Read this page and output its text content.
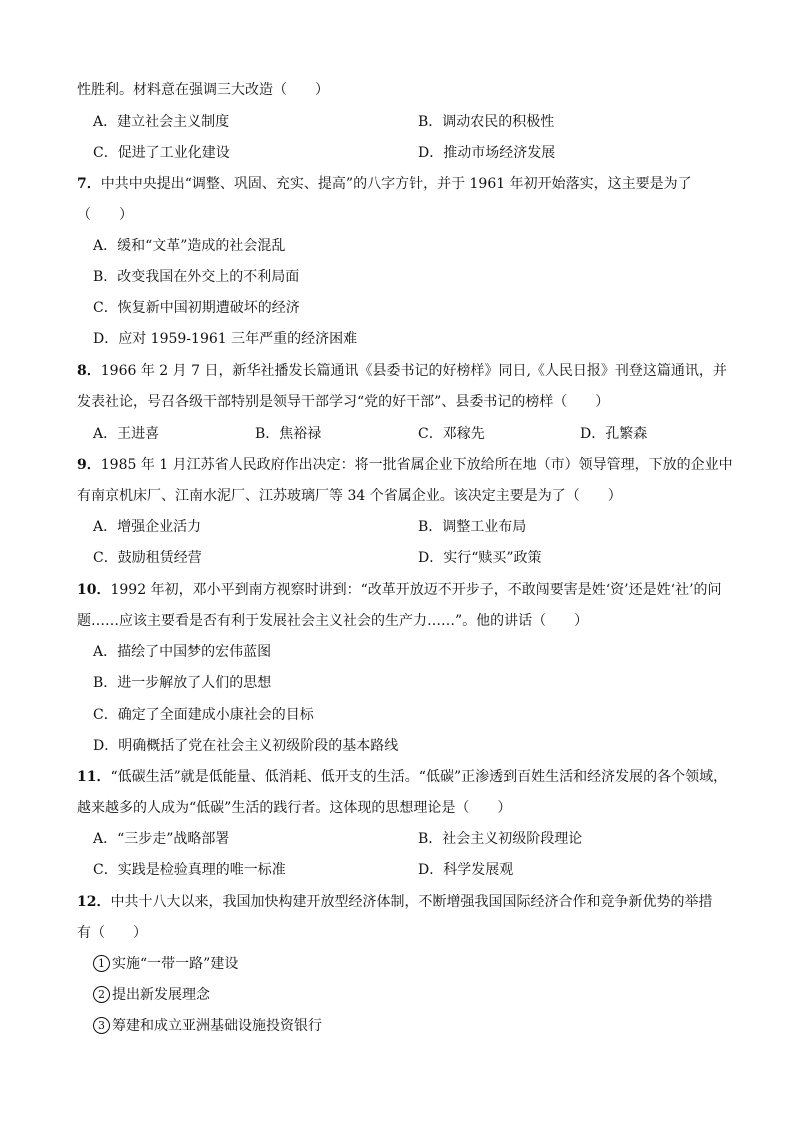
性胜利。材料意在强调三大改造（　　）
A．建立社会主义制度	B．调动农民的积极性
C．促进了工业化建设	D．推动市场经济发展
7．中共中央提出“调整、巩固、充实、提高”的八字方针，并于 1961 年初开始落实，这主要是为了
（　　）
A．缓和“文革”造成的社会混乱
B．改变我国在外交上的不利局面
C．恢复新中国初期遭破坏的经济
D．应对 1959-1961 三年严重的经济困难
8．1966 年 2 月 7 日，新华社播发长篇通讯《县委书记的好榜样》同日,《人民日报》刊登这篇通讯，并
发表社论，号召各级干部特别是领导干部学习“党的好干部”、县委书记的榜样（　　）
A．王进喜	B．焦裕禄	C．邓稼先	D．孔繁森
9．1985 年 1 月江苏省人民政府作出决定：将一批省属企业下放给所在地（市）领导管理，下放的企业中
有南京机床厂、江南水泥厂、江苏玻璃厂等 34 个省属企业。该决定主要是为了（　　）
A．增强企业活力	B．调整工业布局
C．鼓励租赁经营	D．实行“赎买”政策
10．1992 年初，邓小平到南方视察时讲到：“改革开放迈不开步子，不敢闯要害是姓‘资’还是姓‘社’的问
题……应该主要看是否有利于发展社会主义社会的生产力……”。他的讲话（　　）
A．描绘了中国梦的宏伟蓝图
B．进一步解放了人们的思想
C．确定了全面建成小康社会的目标
D．明确概括了党在社会主义初级阶段的基本路线
11．“低碳生活”就是低能量、低消耗、低开支的生活。“低碳”正渗透到百姓生活和经济发展的各个领域，
越来越多的人成为“低碳”生活的践行者。这体现的思想理论是（　　）
A．“三步走”战略部署	B．社会主义初级阶段理论
C．实践是检验真理的唯一标准	D．科学发展观
12．中共十八大以来，我国加快构建开放型经济体制，不断增强我国国际经济合作和竞争新优势的举措
有（　　）
1 实施“一带一路”建设
2 提出新发展理念
3 筹建和成立亚洲基础设施投资银行
